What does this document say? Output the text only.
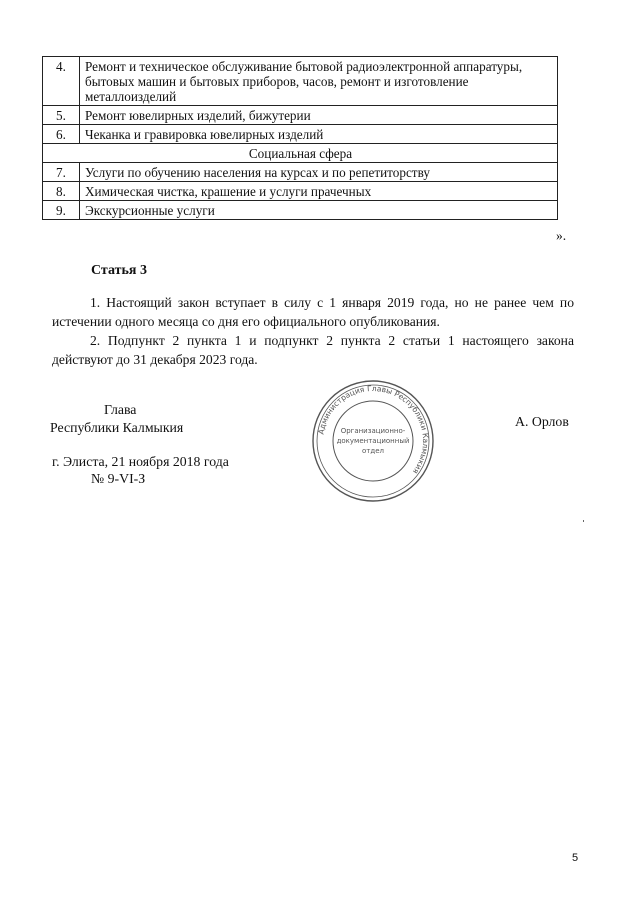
4.	Ремонт и техническое обслуживание бытовой радиоэлектронной аппаратуры, бытовых машин и бытовых приборов, часов, ремонт и изготовление металлоизделий
5.	Ремонт ювелирных изделий, бижутерии
6.	Чеканка и гравировка ювелирных изделий
Социальная сфера	
7.	Услуги по обучению населения на курсах и по репетиторству
8.	Химическая чистка, крашение и услуги прачечных
9.	Экскурсионные услуги
».
Статья 3
1. Настоящий закон вступает в силу с 1 января 2019 года, но не ранее чем по истечении одного месяца со дня его официального опубликования.
2. Подпункт 2 пункта 1 и подпункт 2 пункта 2 статьи 1 настоящего закона действуют до 31 декабря 2023 года.
Глава
Республики Калмыкия	А. Орлов
г. Элиста, 21 ноября 2018 года
№ 9-VI-З
Администрация Главы Республики Калмыкия
Организационно-
документационный
отдел
5
